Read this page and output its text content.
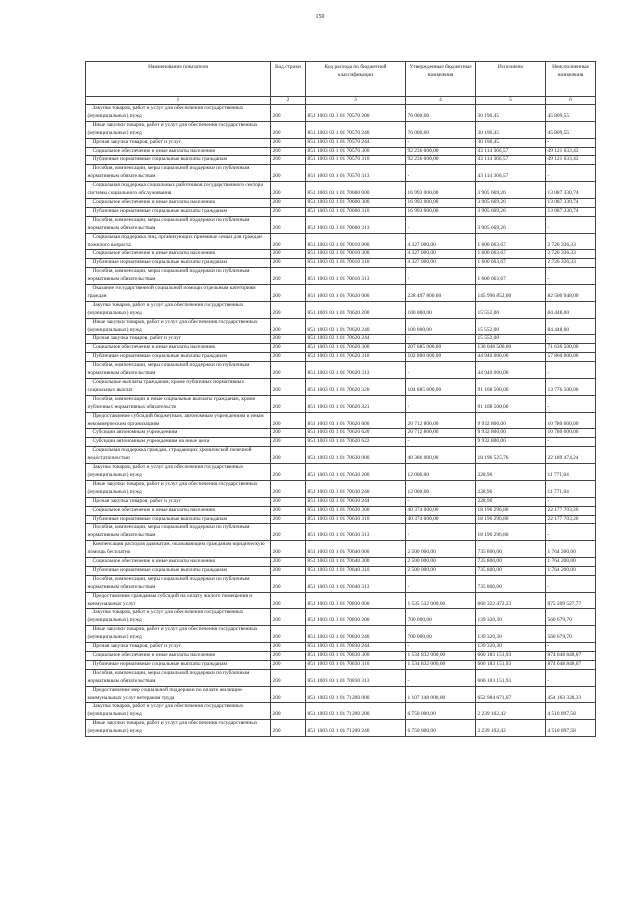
150
Наименование показателя	Код строки	Код расхода по бюджетной классификации	Утвержденные бюджетные назначения	Исполнено	Неисполненные назначения
1	2	3	4	5	6
Закупка товаров, работ и услуг для обеспечения государственных (муниципальных) нужд	200	851 1003 03 1 01 70570 200	76 000,00	30 190,45	45 809,55
Иные закупки товаров, работ и услуг для обеспечения государственных (муниципальных) нужд	200	851 1003 03 1 01 70570 240	76 000,00	30 190,45	45 809,55
Прочая закупка товаров, работ и услуг	200	851 1003 03 1 01 70570 244	-	30 190,45	-
Социальное обеспечение и иные выплаты населению	200	851 1003 03 1 01 70570 300	92 236 000,00	43 114 366,57	49 121 633,43
Публичные нормативные социальные выплаты гражданам	200	851 1003 03 1 01 70570 310	92 236 000,00	43 114 366,57	49 121 633,43
Пособия, компенсации, меры социальной поддержки по публичным нормативным обязательствам	200	851 1003 03 1 01 70570 313	-	43 114 366,57	-
Социальная поддержка социальных работников государственного сектора системы социального обслуживания	200	851 1003 03 1 01 70600 000	16 993 000,00	3 905 669,26	13 087 330,74
Социальное обеспечение и иные выплаты населению	200	851 1003 03 1 01 70600 300	16 993 000,00	3 905 669,26	13 087 330,74
Публичные нормативные социальные выплаты гражданам	200	851 1003 03 1 01 70600 310	16 993 000,00	3 905 669,26	13 087 330,74
Пособия, компенсации, меры социальной поддержки по публичным нормативным обязательствам	200	851 1003 03 1 01 70600 313	-	3 905 669,26	-
Социальная поддержка лиц, организующих приемные семьи для граждан пожилого возраста	200	851 1003 03 1 01 70610 000	4 327 000,00	1 600 663,67	2 726 336,33
Социальное обеспечение и иные выплаты населению	200	851 1003 03 1 01 70610 300	4 327 000,00	1 600 663,67	2 726 336,33
Публичные нормативные социальные выплаты гражданам	200	851 1003 03 1 01 70610 310	4 327 000,00	1 600 663,67	2 726 336,33
Пособия, компенсации, меры социальной поддержки по публичным нормативным обязательствам	200	851 1003 03 1 01 70610 313	-	1 600 663,67	-
Оказание государственной социальной помощи отдельным категориям граждан	200	851 1003 03 1 01 70620 000	228 497 800,00	145 996 852,00	82 500 948,00
Закупка товаров, работ и услуг для обеспечения государственных (муниципальных) нужд	200	851 1003 03 1 01 70620 200	100 000,00	15 552,00	84 448,00
Иные закупки товаров, работ и услуг для обеспечения государственных (муниципальных) нужд	200	851 1003 03 1 01 70620 240	100 000,00	15 552,00	84 448,00
Прочая закупка товаров, работ и услуг	200	851 1003 03 1 01 70620 244	-	15 552,00	-
Социальное обеспечение и иные выплаты населению	200	851 1003 03 1 01 70620 300	207 685 000,00	136 048 500,00	71 636 500,00
Публичные нормативные социальные выплаты гражданам	200	851 1003 03 1 01 70620 310	102 800 000,00	44 940 000,00	57 860 000,00
Пособия, компенсации, меры социальной поддержки по публичным нормативным обязательствам	200	851 1003 03 1 01 70620 313	-	44 940 000,00	-
Социальные выплаты гражданам, кроме публичных нормативных социальных выплат	200	851 1003 03 1 01 70620 320	104 885 000,00	91 108 500,00	13 776 500,00
Пособия, компенсации и иные социальные выплаты гражданам, кроме публичных нормативных обязательств	200	851 1003 03 1 01 70620 321	-	91 108 500,00	-
Предоставление субсидий бюджетным, автономным учреждениям и иным некоммерческим организациям	200	851 1003 03 1 01 70620 600	20 712 800,00	9 932 800,00	10 780 000,00
Субсидии автономным учреждениям	200	851 1003 03 1 01 70620 620	20 712 800,00	9 932 800,00	10 780 000,00
Субсидии автономным учреждениям на иные цели	200	851 1003 03 1 01 70620 622	-	9 932 800,00	-
Социальная поддержка граждан, страдающих хронической почечной недостаточностью	200	851 1003 03 1 01 70630 000	40 386 000,00	18 196 525,76	22 189 474,24
Закупка товаров, работ и услуг для обеспечения государственных (муниципальных) нужд	200	851 1003 03 1 01 70630 200	12 000,00	228,96	11 771,04
Иные закупки товаров, работ и услуг для обеспечения государственных (муниципальных) нужд	200	851 1003 03 1 01 70630 240	12 000,00	228,96	11 771,04
Прочая закупка товаров, работ и услуг	200	851 1003 03 1 01 70630 244	-	228,96	-
Социальное обеспечение и иные выплаты населению	200	851 1003 03 1 01 70630 300	40 374 000,00	18 196 296,80	22 177 703,20
Публичные нормативные социальные выплаты гражданам	200	851 1003 03 1 01 70630 310	40 374 000,00	18 196 296,80	22 177 703,20
Пособия, компенсации, меры социальной поддержки по публичным нормативным обязательствам	200	851 1003 03 1 01 70630 313	-	18 196 296,80	-
Компенсация расходов адвокатам, оказывающим гражданам юридическую помощь бесплатно	200	851 1003 03 1 01 70640 000	2 500 000,00	735 800,00	1 764 200,00
Социальное обеспечение и иные выплаты населению	200	851 1003 03 1 01 70640 300	2 500 000,00	735 800,00	1 764 200,00
Публичные нормативные социальные выплаты гражданам	200	851 1003 03 1 01 70640 310	2 500 000,00	735 800,00	1 764 200,00
Пособия, компенсации, меры социальной поддержки по публичным нормативным обязательствам	200	851 1003 03 1 01 70640 313	-	735 800,00	-
Предоставление гражданам субсидий на оплату жилого помещения и коммунальных услуг	200	851 1003 03 1 01 70830 000	1 535 532 000,00	660 322 472,23	875 209 527,77
Закупка товаров, работ и услуг для обеспечения государственных (муниципальных) нужд	200	851 1003 03 1 01 70830 200	700 000,00	139 320,30	560 679,70
Иные закупки товаров, работ и услуг для обеспечения государственных (муниципальных) нужд	200	851 1003 03 1 01 70830 240	700 000,00	139 320,30	560 679,70
Прочая закупка товаров, работ и услуг	200	851 1003 03 1 01 70830 244	-	139 320,30	-
Социальное обеспечение и иные выплаты населению	200	851 1003 03 1 01 70830 300	1 534 832 000,00	660 183 151,93	874 648 848,07
Публичные нормативные социальные выплаты гражданам	200	851 1003 03 1 01 70830 310	1 534 832 000,00	660 183 151,93	874 648 848,07
Пособия, компенсации, меры социальной поддержки по публичным нормативным обязательствам	200	851 1003 03 1 01 70830 313	-	660 183 151,93	-
Предоставление мер социальной поддержки по оплате жилищно-коммунальных услуг ветеранам труда	200	851 1003 03 1 01 71200 000	1 107 148 000,00	652 984 671,67	454 163 328,33
Закупка товаров, работ и услуг для обеспечения государственных (муниципальных) нужд	200	851 1003 03 1 01 71200 200	6 750 000,00	2 239 102,42	4 510 897,58
Иные закупки товаров, работ и услуг для обеспечения государственных (муниципальных) нужд	200	851 1003 03 1 01 71200 240	6 750 000,00	2 239 102,42	4 510 897,58
